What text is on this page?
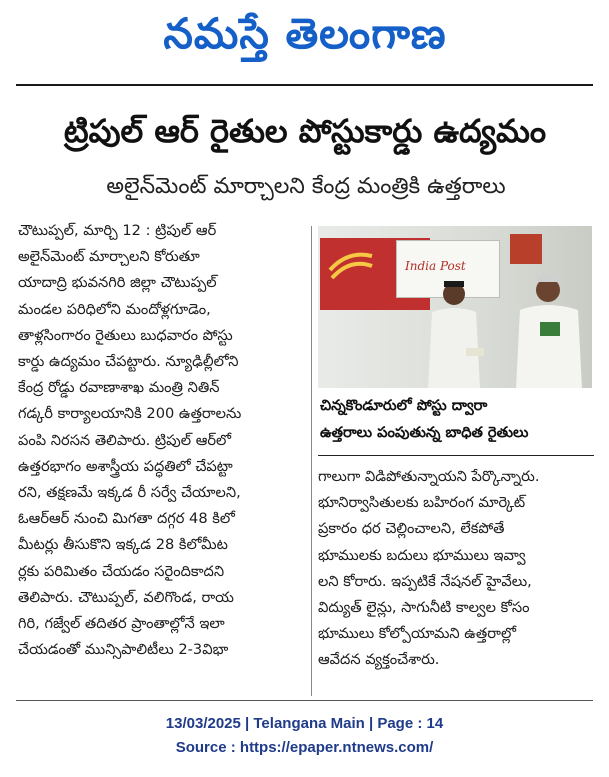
నమస్తే తెలంగాణ
ట్రిపుల్ ఆర్ రైతుల పోస్టుకార్డు ఉద్యమం
అలైన్‌మెంట్ మార్చాలని కేంద్ర మంత్రికి ఉత్తరాలు

చౌటుప్పల్, మార్చి 12 : ట్రిపుల్ ఆర్

అలైన్‌మెంట్ మార్చాలని కోరుతూ

యాదాద్రి భువనగిరి జిల్లా చౌటుప్పల్

మండల పరిధిలోని మందోళ్లగూడెం,

తాళ్లసింగారం రైతులు బుధవారం పోస్టు

కార్డు ఉద్యమం చేపట్టారు. న్యూఢిల్లీలోని

కేంద్ర రోడ్డు రవాణాశాఖ మంత్రి నితిన్

గడ్కరీ కార్యాలయానికి 200 ఉత్తరాలను

పంపి నిరసన తెలిపారు. ట్రిపుల్ ఆర్‌లో

ఉత్తరభాగం అశాస్త్రీయ పద్ధతిలో చేపట్టా

రని, తక్షణమే ఇక్కడ రీ సర్వే చేయాలని,

ఓఆర్‌ఆర్ నుంచి మిగతా దగ్గర 48 కిలో

మీటర్లు తీసుకొని ఇక్కడ 28 కిలోమీట

ర్లకు పరిమితం చేయడం సరైందికాదని

తెలిపారు. చౌటుప్పల్, వలిగొండ, రాయ

గిరి, గజ్వేల్ తదితర ప్రాంతాల్లోనే ఇలా

చేయడంతో మున్సిపాలిటీలు 2-3విభా

India Post

చిన్నకొండూరులో పోస్టు ద్వారా

ఉత్తరాలు పంపుతున్న బాధిత రైతులు

గాలుగా విడిపోతున్నాయని పేర్కొన్నారు.

భూనిర్వాసితులకు బహిరంగ మార్కెట్

ప్రకారం ధర చెల్లించాలని, లేకపోతే

భూములకు బదులు భూములు ఇవ్వా

లని కోరారు. ఇప్పటికే నేషనల్ హైవేలు,

విద్యుత్ లైన్లు, సాగునీటి కాల్వల కోసం

భూములు కోల్పోయామని ఉత్తరాల్లో

ఆవేదన వ్యక్తంచేశారు.

13/03/2025 | Telangana Main | Page : 14
Source : https://epaper.ntnews.com/
